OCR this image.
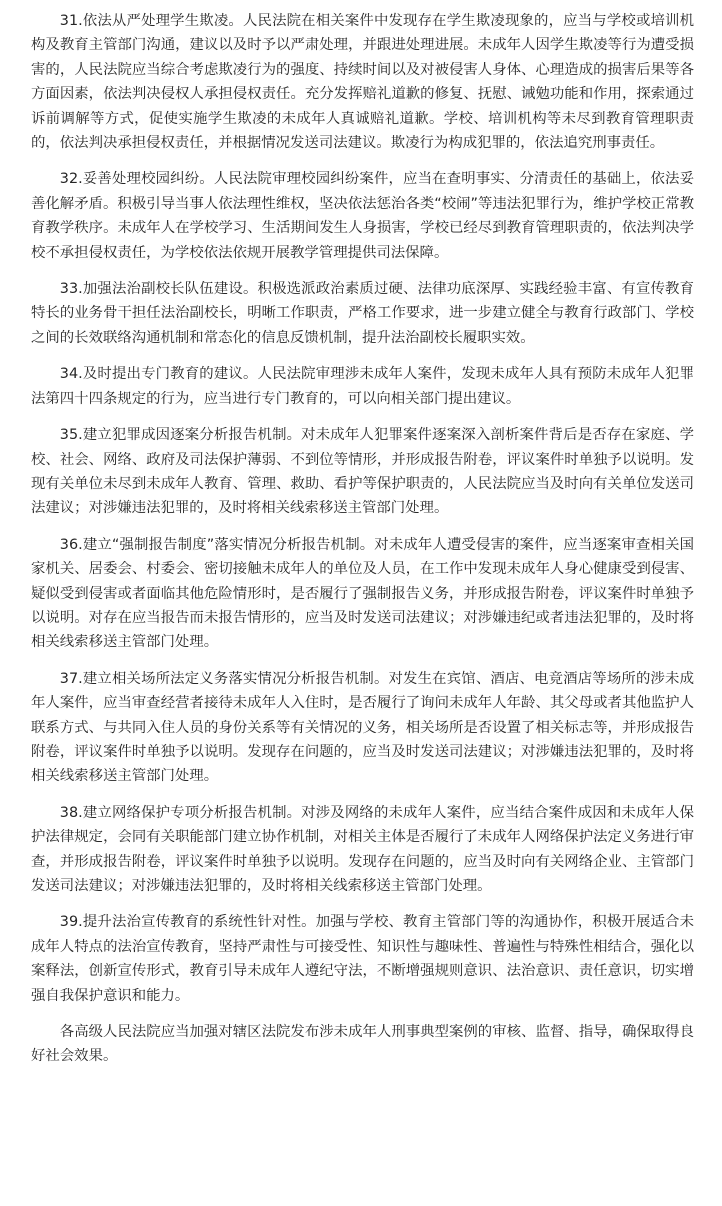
31.依法从严处理学生欺凌。人民法院在相关案件中发现存在学生欺凌现象的，应当与学校或培训机构及教育主管部门沟通，建议以及时予以严肃处理，并跟进处理进展。未成年人因学生欺凌等行为遭受损害的，人民法院应当综合考虑欺凌行为的强度、持续时间以及对被侵害人身体、心理造成的损害后果等各方面因素，依法判决侵权人承担侵权责任。充分发挥赔礼道歉的修复、抚慰、诫勉功能和作用，探索通过诉前调解等方式，促使实施学生欺凌的未成年人真诚赔礼道歉。学校、培训机构等未尽到教育管理职责的，依法判决承担侵权责任，并根据情况发送司法建议。欺凌行为构成犯罪的，依法追究刑事责任。

32.妥善处理校园纠纷。人民法院审理校园纠纷案件，应当在查明事实、分清责任的基础上，依法妥善化解矛盾。积极引导当事人依法理性维权，坚决依法惩治各类“校闹”等违法犯罪行为，维护学校正常教育教学秩序。未成年人在学校学习、生活期间发生人身损害，学校已经尽到教育管理职责的，依法判决学校不承担侵权责任，为学校依法依规开展教学管理提供司法保障。

33.加强法治副校长队伍建设。积极选派政治素质过硬、法律功底深厚、实践经验丰富、有宣传教育特长的业务骨干担任法治副校长，明晰工作职责，严格工作要求，进一步建立健全与教育行政部门、学校之间的长效联络沟通机制和常态化的信息反馈机制，提升法治副校长履职实效。

34.及时提出专门教育的建议。人民法院审理涉未成年人案件，发现未成年人具有预防未成年人犯罪法第四十四条规定的行为，应当进行专门教育的，可以向相关部门提出建议。

35.建立犯罪成因逐案分析报告机制。对未成年人犯罪案件逐案深入剖析案件背后是否存在家庭、学校、社会、网络、政府及司法保护薄弱、不到位等情形，并形成报告附卷，评议案件时单独予以说明。发现有关单位未尽到未成年人教育、管理、救助、看护等保护职责的，人民法院应当及时向有关单位发送司法建议；对涉嫌违法犯罪的，及时将相关线索移送主管部门处理。

36.建立“强制报告制度”落实情况分析报告机制。对未成年人遭受侵害的案件，应当逐案审查相关国家机关、居委会、村委会、密切接触未成年人的单位及人员，在工作中发现未成年人身心健康受到侵害、疑似受到侵害或者面临其他危险情形时，是否履行了强制报告义务，并形成报告附卷，评议案件时单独予以说明。对存在应当报告而未报告情形的，应当及时发送司法建议；对涉嫌违纪或者违法犯罪的，及时将相关线索移送主管部门处理。

37.建立相关场所法定义务落实情况分析报告机制。对发生在宾馆、酒店、电竞酒店等场所的涉未成年人案件，应当审查经营者接待未成年人入住时，是否履行了询问未成年人年龄、其父母或者其他监护人联系方式、与共同入住人员的身份关系等有关情况的义务，相关场所是否设置了相关标志等，并形成报告附卷，评议案件时单独予以说明。发现存在问题的，应当及时发送司法建议；对涉嫌违法犯罪的，及时将相关线索移送主管部门处理。

38.建立网络保护专项分析报告机制。对涉及网络的未成年人案件，应当结合案件成因和未成年人保护法律规定，会同有关职能部门建立协作机制，对相关主体是否履行了未成年人网络保护法定义务进行审查，并形成报告附卷，评议案件时单独予以说明。发现存在问题的，应当及时向有关网络企业、主管部门发送司法建议；对涉嫌违法犯罪的，及时将相关线索移送主管部门处理。

39.提升法治宣传教育的系统性针对性。加强与学校、教育主管部门等的沟通协作，积极开展适合未成年人特点的法治宣传教育，坚持严肃性与可接受性、知识性与趣味性、普遍性与特殊性相结合，强化以案释法，创新宣传形式，教育引导未成年人遵纪守法，不断增强规则意识、法治意识、责任意识，切实增强自我保护意识和能力。

各高级人民法院应当加强对辖区法院发布涉未成年人刑事典型案例的审核、监督、指导，确保取得良好社会效果。
